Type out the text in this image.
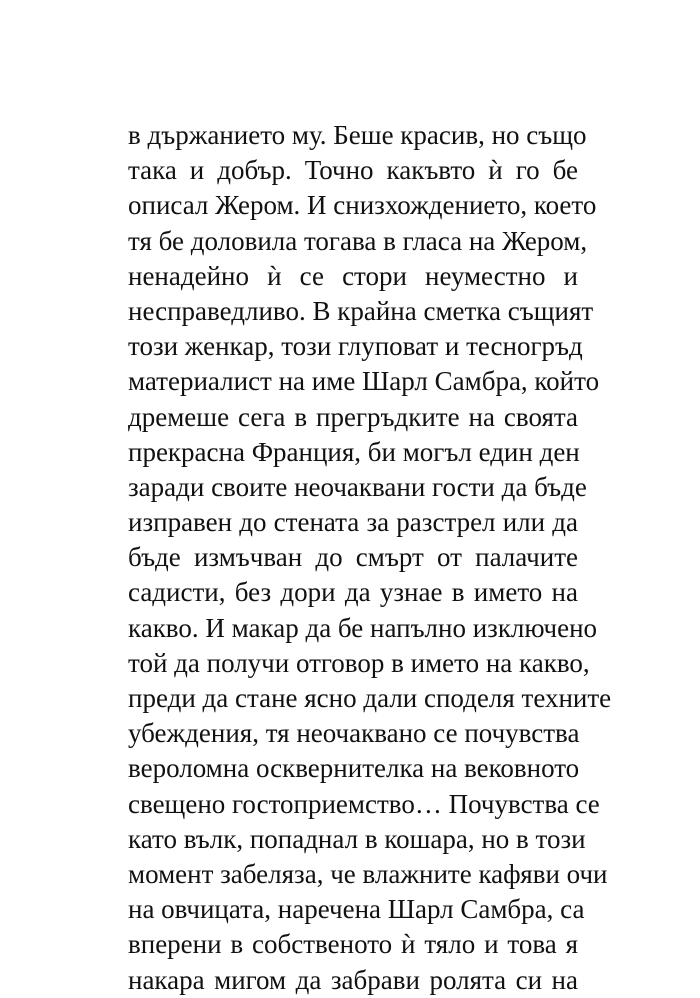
в държанието му. Беше красив, но също
така и добър. Точно какъвто ѝ го бе
описал Жером. И снизхождението, което
тя бе доловила тогава в гласа на Жером,
ненадейно ѝ се стори неуместно и
несправедливо. В крайна сметка същият
този женкар, този глуповат и тесногръд
материалист на име Шарл Самбра, който
дремеше сега в прегръдките на своята
прекрасна Франция, би могъл един ден
заради своите неочаквани гости да бъде
изправен до стената за разстрел или да
бъде измъчван до смърт от палачите
садисти, без дори да узнае в името на
какво. И макар да бе напълно изключено
той да получи отговор в името на какво,
преди да стане ясно дали споделя техните
убеждения, тя неочаквано се почувства
вероломна осквернителка на вековното
свещено гостоприемство… Почувства се
като вълк, попаднал в кошара, но в този
момент забеляза, че влажните кафяви очи
на овчицата, наречена Шарл Самбра, са
вперени в собственото ѝ тяло и това я
накара мигом да забрави ролята си на
